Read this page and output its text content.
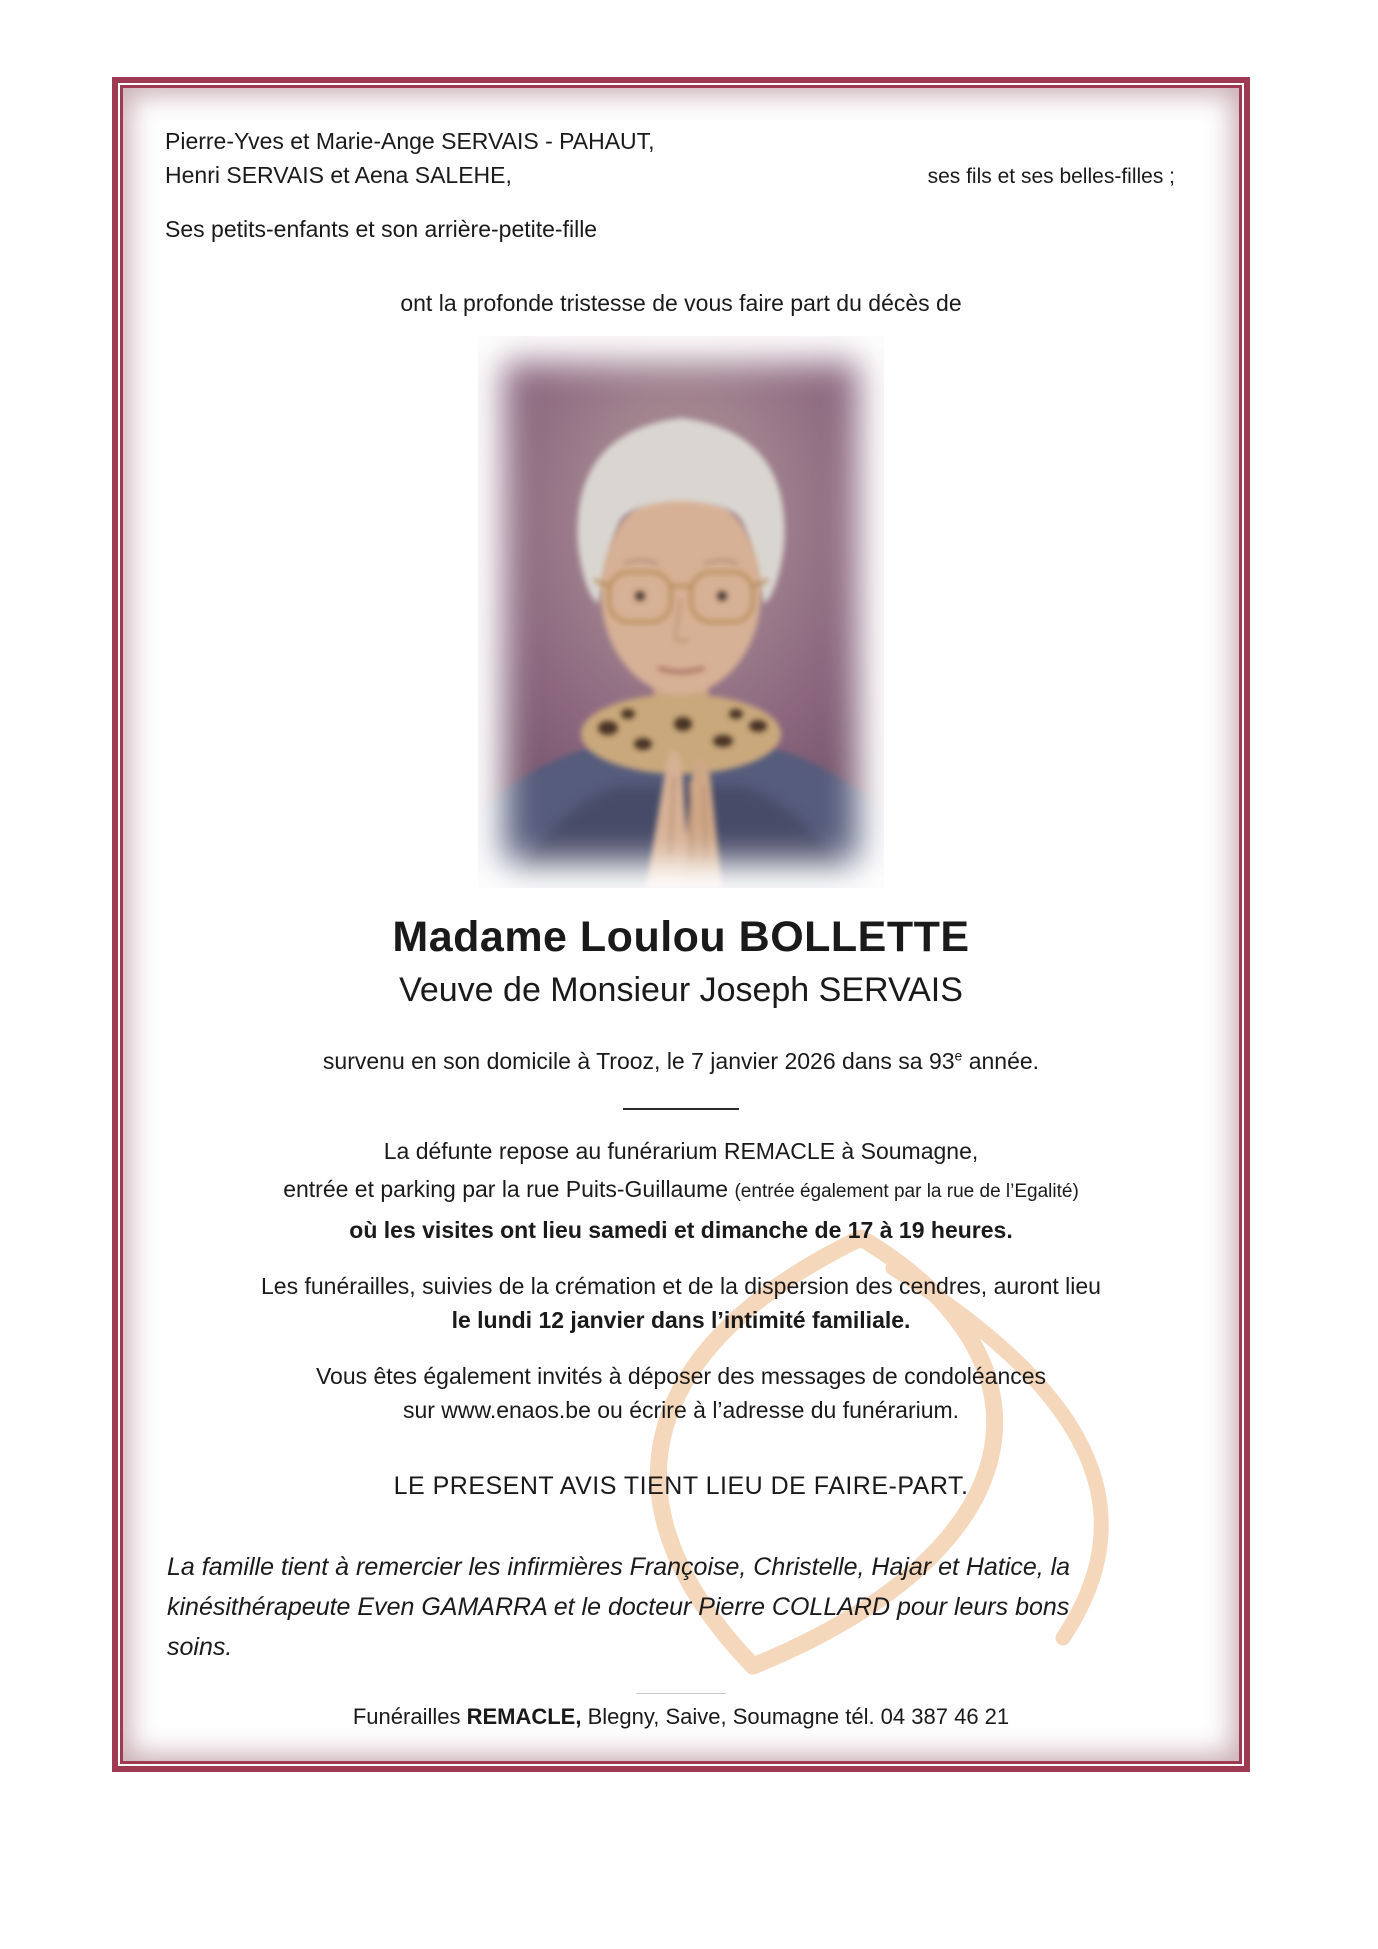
Pierre-Yves et Marie-Ange SERVAIS - PAHAUT,
Henri SERVAIS et Aena SALEHE,	ses fils et ses belles-filles ;
Ses petits-enfants et son arrière-petite-fille
ont la profonde tristesse de vous faire part du décès de
Madame Loulou BOLLETTE
Veuve de Monsieur Joseph SERVAIS
survenu en son domicile à Trooz, le 7 janvier 2026 dans sa 93e année.
La défunte repose au funérarium REMACLE à Soumagne,
entrée et parking par la rue Puits-Guillaume (entrée également par la rue de l’Egalité)
où les visites ont lieu samedi et dimanche de 17 à 19 heures.
Les funérailles, suivies de la crémation et de la dispersion des cendres, auront lieu
le lundi 12 janvier dans l’intimité familiale.
Vous êtes également invités à déposer des messages de condoléances
sur www.enaos.be ou écrire à l’adresse du funérarium.
LE PRESENT AVIS TIENT LIEU DE FAIRE-PART.
La famille tient à remercier les infirmières Françoise, Christelle, Hajar et Hatice, la
kinésithérapeute Even GAMARRA et le docteur Pierre COLLARD pour leurs bons
soins.
Funérailles REMACLE, Blegny, Saive, Soumagne tél. 04 387 46 21
